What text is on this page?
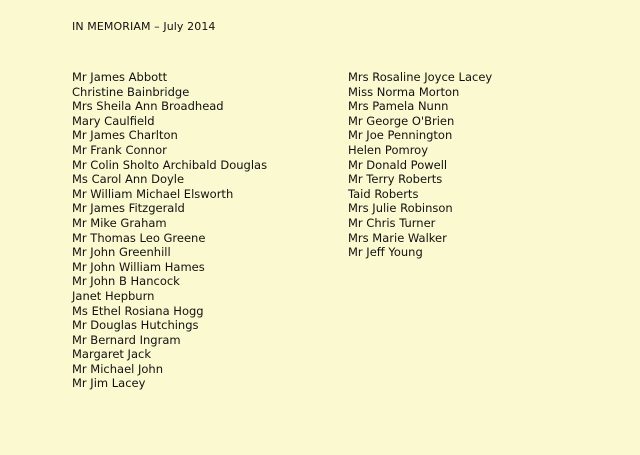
IN MEMORIAM – July 2014
Mr James Abbott
Christine Bainbridge
Mrs Sheila Ann Broadhead
Mary Caulfield
Mr James Charlton
Mr Frank Connor
Mr Colin Sholto Archibald Douglas
Ms Carol Ann Doyle
Mr William Michael Elsworth
Mr James Fitzgerald
Mr Mike Graham
Mr Thomas Leo Greene
Mr John Greenhill
Mr John William Hames
Mr John B Hancock
Janet Hepburn
Ms Ethel Rosiana Hogg
Mr Douglas Hutchings
Mr Bernard Ingram
Margaret Jack
Mr Michael John
Mr Jim Lacey
Mrs Rosaline Joyce Lacey
Miss Norma Morton
Mrs Pamela Nunn
Mr George O'Brien
Mr Joe Pennington
Helen Pomroy
Mr Donald Powell
Mr Terry Roberts
Taid Roberts
Mrs Julie Robinson
Mr Chris Turner
Mrs Marie Walker
Mr Jeff Young
